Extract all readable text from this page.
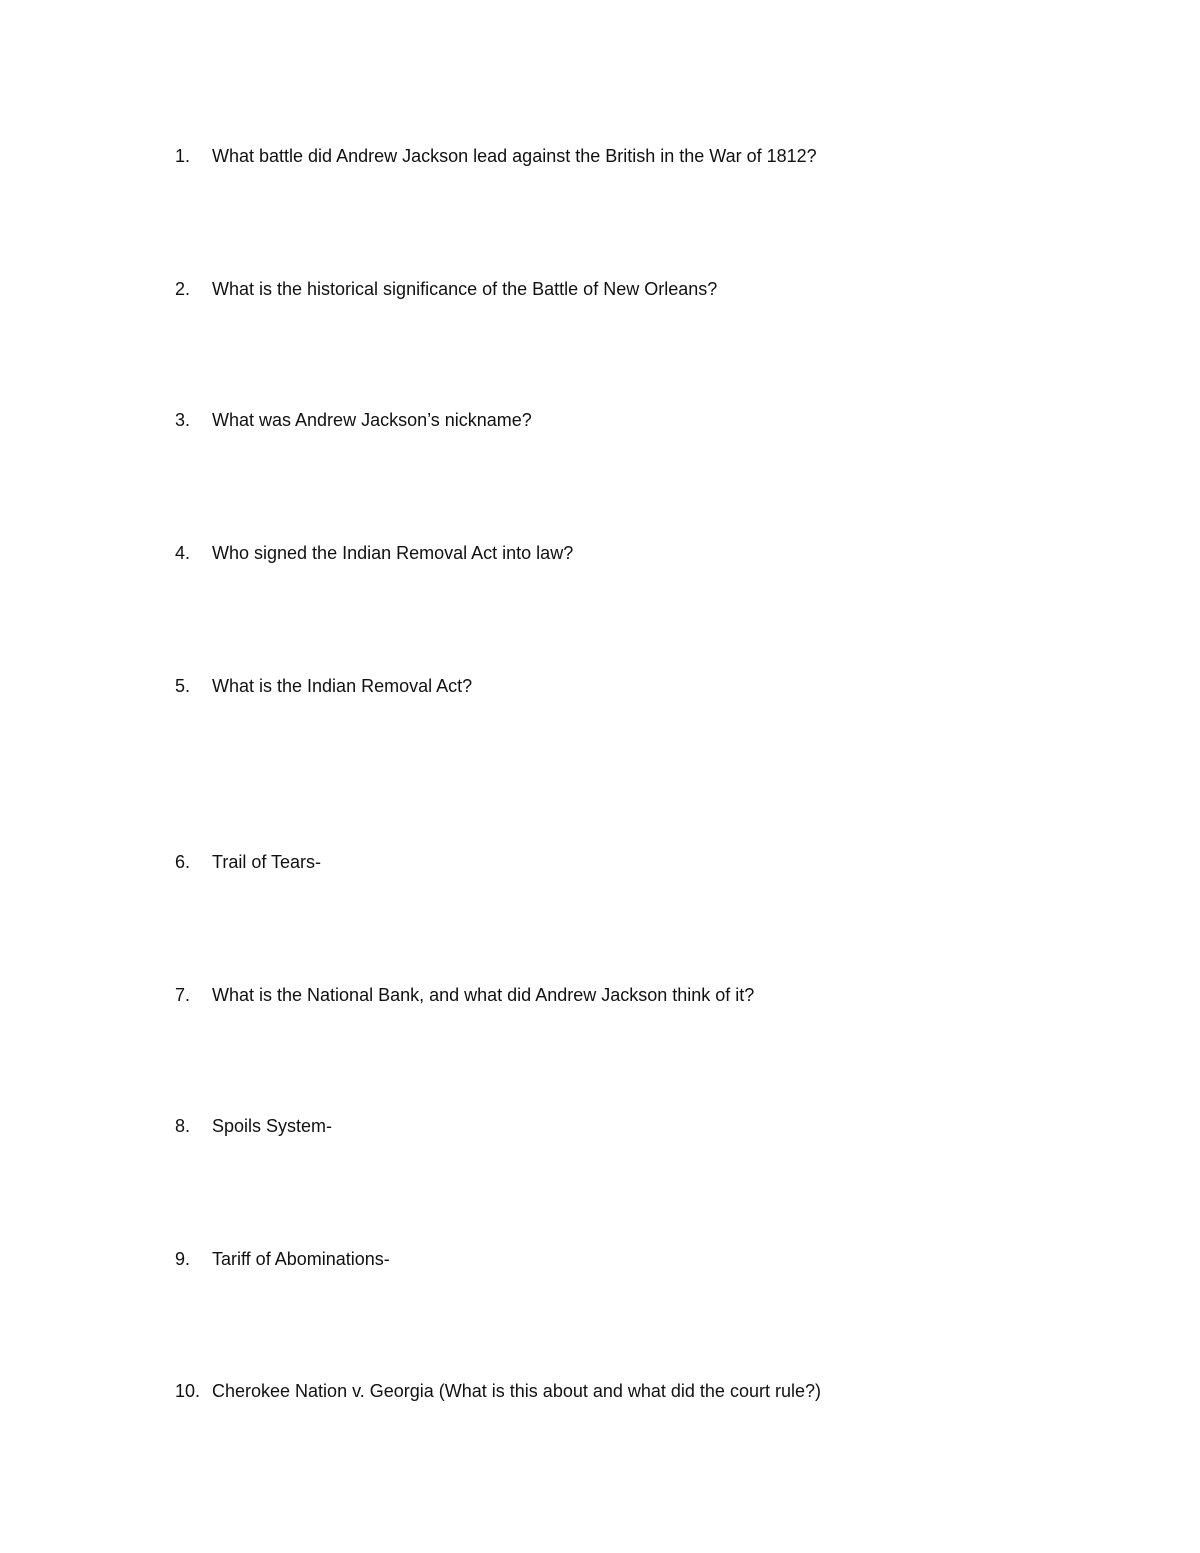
1.	What battle did Andrew Jackson lead against the British in the War of 1812?
2.	What is the historical significance of the Battle of New Orleans?
3.	What was Andrew Jackson’s nickname?
4.	Who signed the Indian Removal Act into law?
5.	What is the Indian Removal Act?
6.	Trail of Tears-
7.	What is the National Bank, and what did Andrew Jackson think of it?
8.	Spoils System-
9.	Tariff of Abominations-
10. Cherokee Nation v. Georgia (What is this about and what did the court rule?)
